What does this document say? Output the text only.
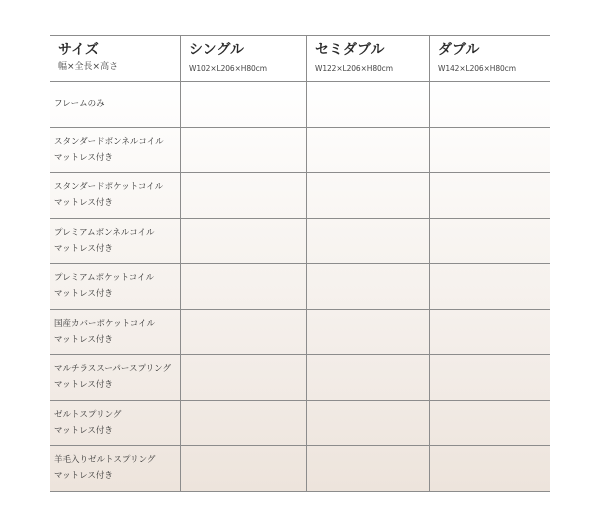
サイズ
幅×全長×高さ
シングル
W102×L206×H80cm
セミダブル
W122×L206×H80cm
ダブル
W142×L206×H80cm
フレームのみ
スタンダードボンネルコイル
マットレス付き
スタンダードポケットコイル
マットレス付き
プレミアムボンネルコイル
マットレス付き
プレミアムポケットコイル
マットレス付き
国産カバーポケットコイル
マットレス付き
マルチラススーパースプリング
マットレス付き
ゼルトスプリング
マットレス付き
羊毛入りゼルトスプリング
マットレス付き
